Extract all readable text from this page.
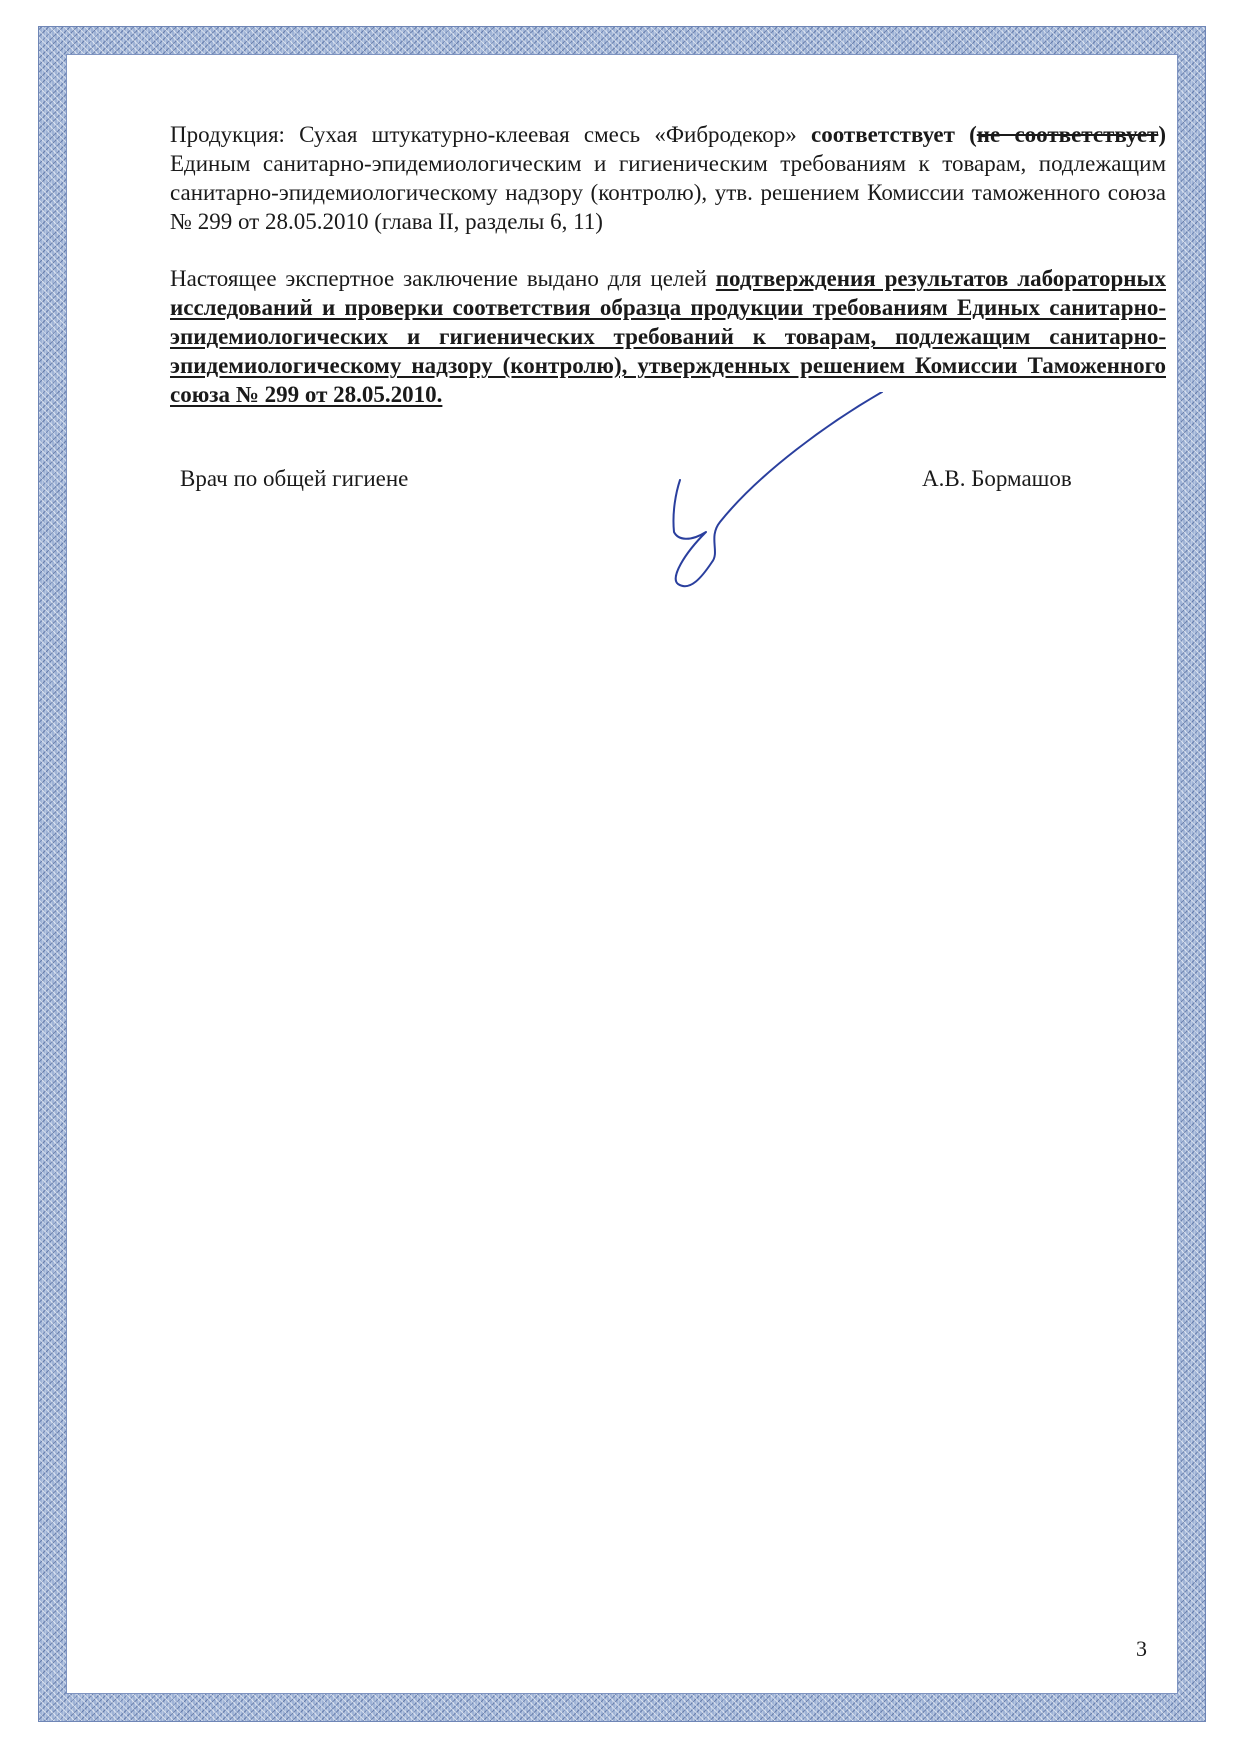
Продукция: Сухая штукатурно-клеевая смесь «Фибродекор» соответствует (не соответствует) Единым санитарно-эпидемиологическим и гигиеническим требованиям к товарам, подлежащим санитарно-эпидемиологическому надзору (контролю), утв. решением Комиссии таможенного союза № 299 от 28.05.2010 (глава II, разделы 6, 11)

Настоящее экспертное заключение выдано для целей подтверждения результатов лабораторных исследований и проверки соответствия образца продукции требованиям Единых санитарно-эпидемиологических и гигиенических требований к товарам, подлежащим санитарно-эпидемиологическому надзору (контролю), утвержденных решением Комиссии Таможенного союза № 299 от 28.05.2010.

Врач по общей гигиене	А.В. Бормашов
3
